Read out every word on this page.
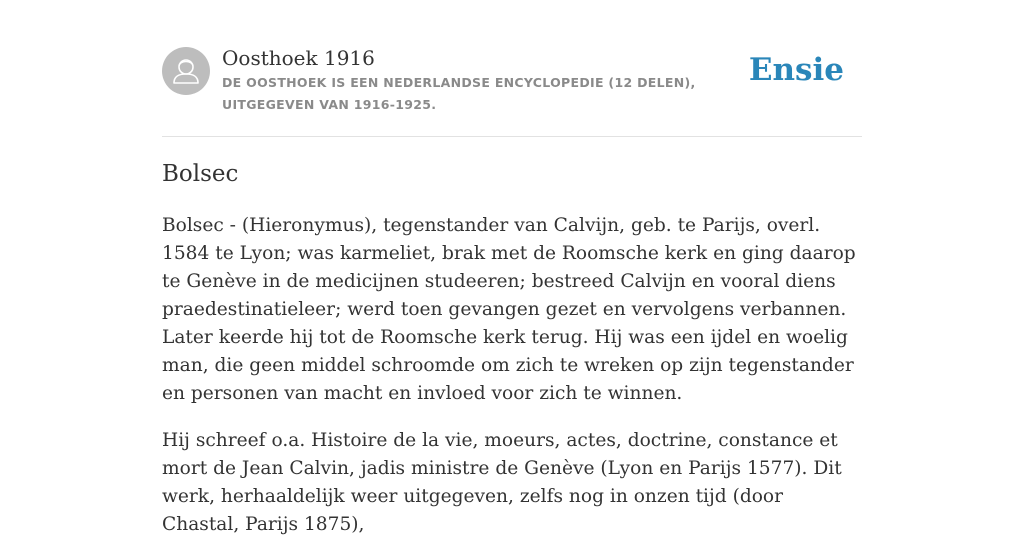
Oosthoek 1916
DE OOSTHOEK IS EEN NEDERLANDSE ENCYCLOPEDIE (12 DELEN), UITGEGEVEN VAN 1916-1925.
Ensie
Bolsec

Bolsec - (Hieronymus), tegenstander van Calvijn, geb. te Parijs, overl. 1584 te Lyon; was karmeliet, brak met de Roomsche kerk en ging daarop te Genève in de medicijnen studeeren; bestreed Calvijn en vooral diens praedestinatieleer; werd toen gevangen gezet en vervolgens verbannen. Later keerde hij tot de Roomsche kerk terug. Hij was een ijdel en woelig man, die geen middel schroomde om zich te wreken op zijn tegenstander en personen van macht en invloed voor zich te winnen.

Hij schreef o.a. Histoire de la vie, moeurs, actes, doctrine, constance et mort de Jean Calvin, jadis ministre de Genève (Lyon en Parijs 1577). Dit werk, herhaaldelijk weer uitgegeven, zelfs nog in onzen tijd (door Chastal, Parijs 1875),
